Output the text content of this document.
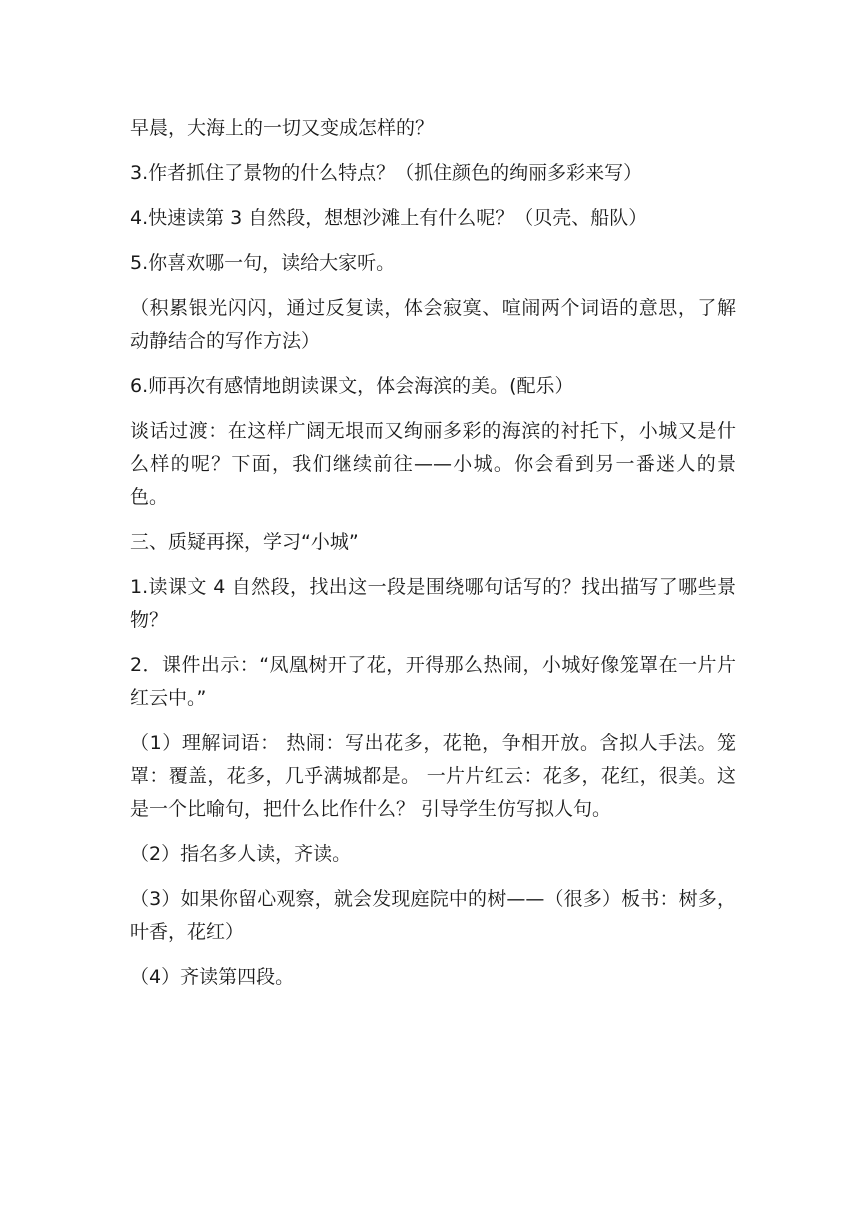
早晨，大海上的一切又变成怎样的？

3.作者抓住了景物的什么特点？（抓住颜色的绚丽多彩来写）

4.快速读第 3 自然段，想想沙滩上有什么呢？（贝壳、船队）

5.你喜欢哪一句，读给大家听。

（积累银光闪闪，通过反复读，体会寂寞、喧闹两个词语的意思，了解动静结合的写作方法）

6.师再次有感情地朗读课文，体会海滨的美。(配乐）

谈话过渡：在这样广阔无垠而又绚丽多彩的海滨的衬托下，小城又是什么样的呢？下面，我们继续前往——小城。你会看到另一番迷人的景色。

三、质疑再探，学习“小城”

1.读课文 4 自然段，找出这一段是围绕哪句话写的？找出描写了哪些景物？

2．课件出示：“凤凰树开了花，开得那么热闹，小城好像笼罩在一片片红云中。”

（1）理解词语： 热闹：写出花多，花艳，争相开放。含拟人手法。笼罩：覆盖，花多，几乎满城都是。 一片片红云：花多，花红，很美。这是一个比喻句，把什么比作什么？ 引导学生仿写拟人句。

（2）指名多人读，齐读。

（3）如果你留心观察，就会发现庭院中的树——（很多）板书：树多，叶香，花红）

（4）齐读第四段。
